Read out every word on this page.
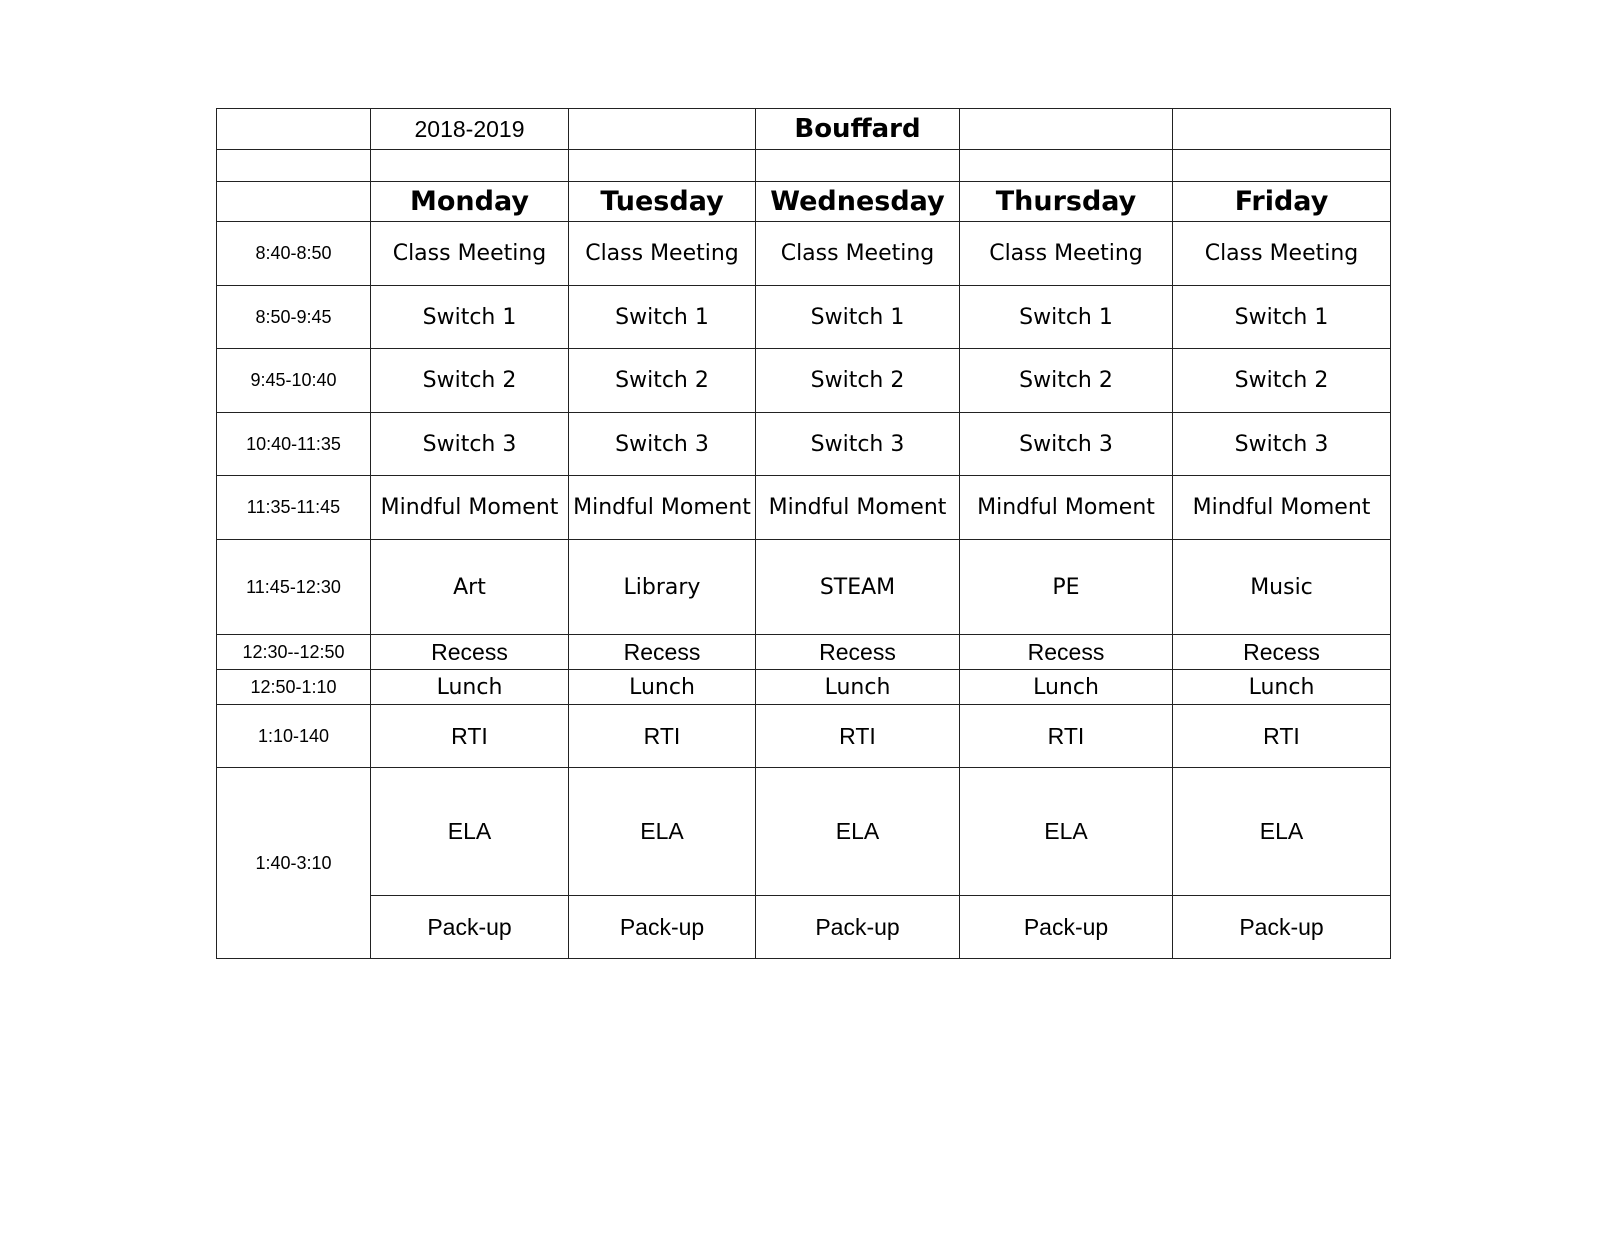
	2018-2019		Bouffard		

	Monday	Tuesday	Wednesday	Thursday	Friday
8:40-8:50	Class Meeting	Class Meeting	Class Meeting	Class Meeting	Class Meeting
8:50-9:45	Switch 1	Switch 1	Switch 1	Switch 1	Switch 1
9:45-10:40	Switch 2	Switch 2	Switch 2	Switch 2	Switch 2
10:40-11:35	Switch 3	Switch 3	Switch 3	Switch 3	Switch 3
11:35-11:45	Mindful Moment	Mindful Moment	Mindful Moment	Mindful Moment	Mindful Moment
11:45-12:30	Art	Library	STEAM	PE	Music
12:30--12:50	Recess	Recess	Recess	Recess	Recess
12:50-1:10	Lunch	Lunch	Lunch	Lunch	Lunch
1:10-140	RTI	RTI	RTI	RTI	RTI
1:40-3:10	ELA	ELA	ELA	ELA	ELA
	Pack-up	Pack-up	Pack-up	Pack-up	Pack-up
